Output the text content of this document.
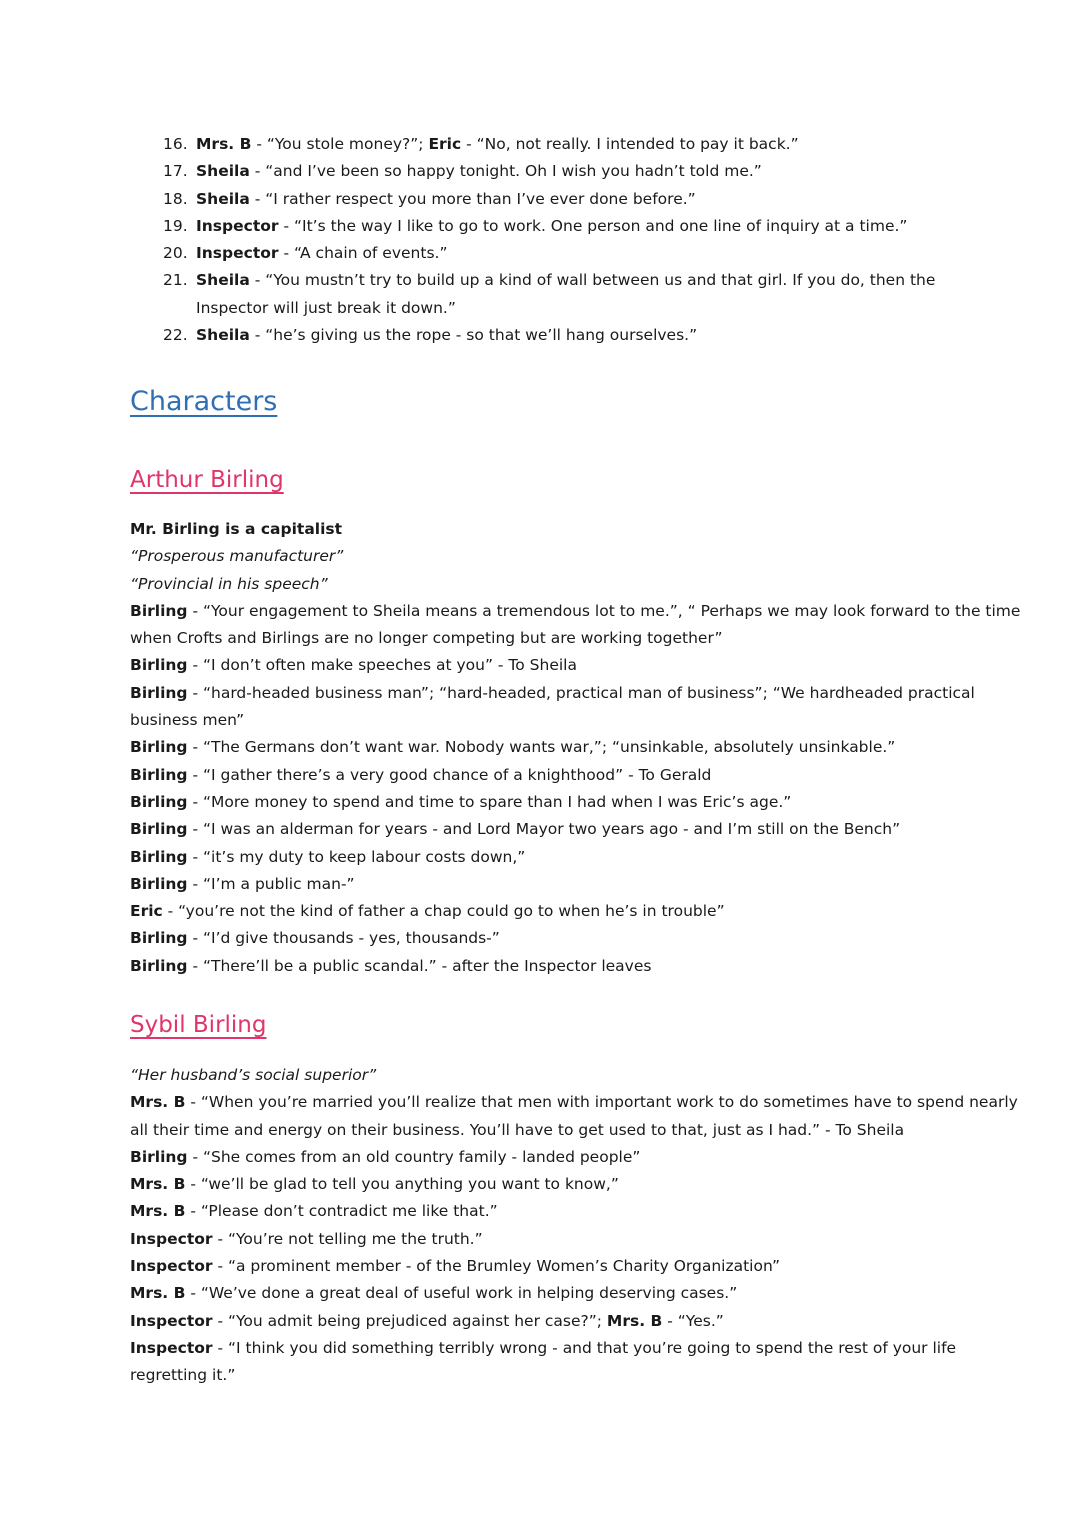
16. Mrs. B - “You stole money?”; Eric - “No, not really. I intended to pay it back.”
17. Sheila - “and I’ve been so happy tonight. Oh I wish you hadn’t told me.”
18. Sheila - “I rather respect you more than I’ve ever done before.”
19. Inspector - “It’s the way I like to go to work. One person and one line of inquiry at a time.”
20. Inspector - “A chain of events.”
21. Sheila - “You mustn’t try to build up a kind of wall between us and that girl. If you do, then the Inspector will just break it down.”
22. Sheila - “he’s giving us the rope - so that we’ll hang ourselves.”
Characters
Arthur Birling
Mr. Birling is a capitalist
“Prosperous manufacturer”
“Provincial in his speech”
Birling - “Your engagement to Sheila means a tremendous lot to me.”, “ Perhaps we may look forward to the time
when Crofts and Birlings are no longer competing but are working together”
Birling - “I don’t often make speeches at you” - To Sheila
Birling - “hard-headed business man”; “hard-headed, practical man of business”; “We hardheaded practical
business men”
Birling - “The Germans don’t want war. Nobody wants war,”; “unsinkable, absolutely unsinkable.”
Birling - “I gather there’s a very good chance of a knighthood” - To Gerald
Birling - “More money to spend and time to spare than I had when I was Eric’s age.”
Birling - “I was an alderman for years - and Lord Mayor two years ago - and I’m still on the Bench”
Birling - “it’s my duty to keep labour costs down,”
Birling - “I’m a public man-”
Eric - “you’re not the kind of father a chap could go to when he’s in trouble”
Birling - “I’d give thousands - yes, thousands-”
Birling - “There’ll be a public scandal.” - after the Inspector leaves
Sybil Birling
“Her husband’s social superior”
Mrs. B - “When you’re married you’ll realize that men with important work to do sometimes have to spend nearly
all their time and energy on their business. You’ll have to get used to that, just as I had.” - To Sheila
Birling - “She comes from an old country family - landed people”
Mrs. B - “we’ll be glad to tell you anything you want to know,”
Mrs. B - “Please don’t contradict me like that.”
Inspector - “You’re not telling me the truth.”
Inspector - “a prominent member - of the Brumley Women’s Charity Organization”
Mrs. B - “We’ve done a great deal of useful work in helping deserving cases.”
Inspector - “You admit being prejudiced against her case?”; Mrs. B - “Yes.”
Inspector - “I think you did something terribly wrong - and that you’re going to spend the rest of your life
regretting it.”
